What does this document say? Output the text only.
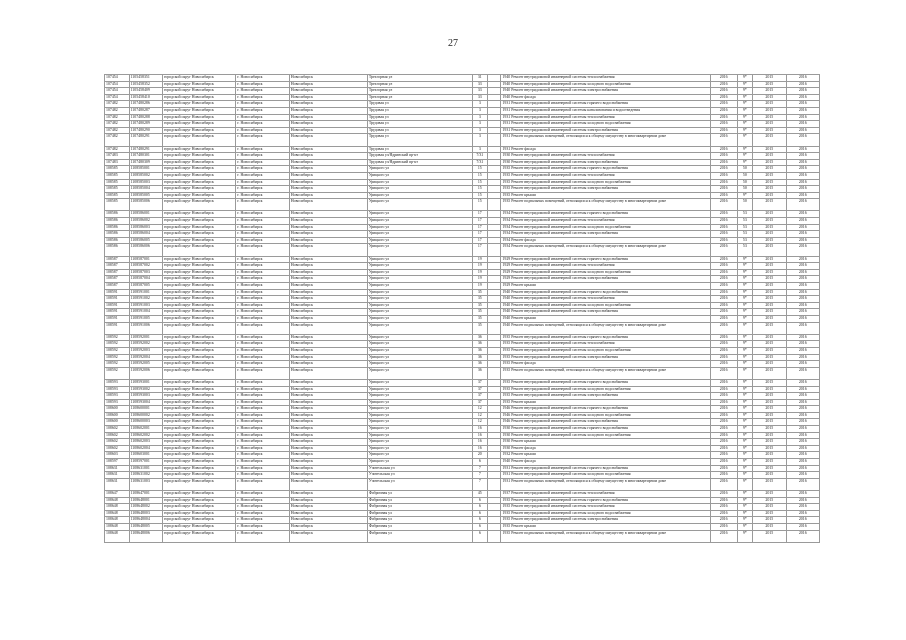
27
107454	1105458351	городской округ Новосибирск	г. Новосибирск	Новосибирск	Трехгорная ул	31		1940 Ремонт внутридомовой инженерной системы теплоснабжения	2016	9*	2015	2016
107454	1105458352	городской округ Новосибирск	г. Новосибирск	Новосибирск	Трехгорная ул	33		1940 Ремонт внутридомовой инженерной системы холодного водоснабжения	2016	9*	2015	2016
107454	1105458409	городской округ Новосибирск	г. Новосибирск	Новосибирск	Трехгорная ул	33		1940 Ремонт внутридомовой инженерной системы электроснабжения	2016	9*	2015	2016
107454	1105458410	городской округ Новосибирск	г. Новосибирск	Новосибирск	Трехгорная ул	33		1940 Ремонт фасада	2016	9*	2015	2016
107482	1107480286	городской округ Новосибирск	г. Новосибирск	Новосибирск	Трудовая ул	3		1931 Ремонт внутридомовой инженерной системы горячего водоснабжения	2016	9*	2015	2016
107482	1107480287	городской округ Новосибирск	г. Новосибирск	Новосибирск	Трудовая ул	3		1931 Ремонт внутридомовой инженерной системы канализования и водоотведения	2016	9*	2015	2016
107482	1107480288	городской округ Новосибирск	г. Новосибирск	Новосибирск	Трудовая ул	3		1931 Ремонт внутридомовой инженерной системы теплоснабжения	2016	9*	2015	2016
107482	1107480289	городской округ Новосибирск	г. Новосибирск	Новосибирск	Трудовая ул	3		1931 Ремонт внутридомовой инженерной системы холодного водоснабжения	2016	9*	2015	2016
107482	1107480290	городской округ Новосибирск	г. Новосибирск	Новосибирск	Трудовая ул	3		1931 Ремонт внутридомовой инженерной системы электроснабжения	2016	9*	2015	2016
107482	1107480291	городской округ Новосибирск	г. Новосибирск	Новосибирск	Трудовая ул	3		1931 Ремонт подвальных помещений, относящихся к общему имуществу в многоквартирном доме	2016	9*	2015	2016
107482	1107480291	городской округ Новосибирск	г. Новосибирск	Новосибирск	Трудовая ул	3		1931 Ремонт фасада	2016	9*	2015	2016
107483	1107480301	городской округ Новосибирск	г. Новосибирск	Новосибирск	Трудовая ул/Ядринский пр-кт	7/31		1930 Ремонт внутридомовой инженерной системы теплоснабжения	2016	9*	2015	2016
107483	1107480309	городской округ Новосибирск	г. Новосибирск	Новосибирск	Трудовая ул/Ядринский пр-кт	7/31		1930 Ремонт внутридомовой инженерной системы электроснабжения	2016	9*	2015	2016
108585	1108585001	городской округ Новосибирск	г. Новосибирск	Новосибирск	Урицкого ул	15		1935 Ремонт внутридомовой инженерной системы горячего водоснабжения	2016	50	2015	2016
108585	1108585002	городской округ Новосибирск	г. Новосибирск	Новосибирск	Урицкого ул	15		1935 Ремонт внутридомовой инженерной системы теплоснабжения	2016	50	2015	2016
108585	1108585003	городской округ Новосибирск	г. Новосибирск	Новосибирск	Урицкого ул	15		1935 Ремонт внутридомовой инженерной системы холодного водоснабжения	2016	50	2015	2016
108585	1108585004	городской округ Новосибирск	г. Новосибирск	Новосибирск	Урицкого ул	15		1935 Ремонт внутридомовой инженерной системы электроснабжения	2016	50	2015	2016
108585	1108585005	городской округ Новосибирск	г. Новосибирск	Новосибирск	Урицкого ул	15		1935 Ремонт крыши	2016	9*	2015	2016
108585	1108585006	городской округ Новосибирск	г. Новосибирск	Новосибирск	Урицкого ул	15		1935 Ремонт подвальных помещений, относящихся к общему имуществу в многоквартирном доме	2016	50	2015	2016
108586	1108586001	городской округ Новосибирск	г. Новосибирск	Новосибирск	Урицкого ул	17		1934 Ремонт внутридомовой инженерной системы горячего водоснабжения	2016	53	2015	2016
108586	1108586002	городской округ Новосибирск	г. Новосибирск	Новосибирск	Урицкого ул	17		1934 Ремонт внутридомовой инженерной системы теплоснабжения	2016	53	2015	2016
108586	1108586003	городской округ Новосибирск	г. Новосибирск	Новосибирск	Урицкого ул	17		1934 Ремонт внутридомовой инженерной системы холодного водоснабжения	2016	53	2015	2016
108586	1108586004	городской округ Новосибирск	г. Новосибирск	Новосибирск	Урицкого ул	17		1934 Ремонт внутридомовой инженерной системы электроснабжения	2016	53	2015	2016
108586	1108586005	городской округ Новосибирск	г. Новосибирск	Новосибирск	Урицкого ул	17		1934 Ремонт фасада	2016	53	2015	2016
108586	1108586006	городской округ Новосибирск	г. Новосибирск	Новосибирск	Урицкого ул	17		1934 Ремонт подвальных помещений, относящихся к общему имуществу в многоквартирном доме	2016	53	2015	2016
108587	1108587001	городской округ Новосибирск	г. Новосибирск	Новосибирск	Урицкого ул	19		1929 Ремонт внутридомовой инженерной системы горячего водоснабжения	2016	9*	2015	2016
108587	1108587002	городской округ Новосибирск	г. Новосибирск	Новосибирск	Урицкого ул	19		1929 Ремонт внутридомовой инженерной системы теплоснабжения	2016	9*	2015	2016
108587	1108587003	городской округ Новосибирск	г. Новосибирск	Новосибирск	Урицкого ул	19		1929 Ремонт внутридомовой инженерной системы холодного водоснабжения	2016	9*	2015	2016
108587	1108587004	городской округ Новосибирск	г. Новосибирск	Новосибирск	Урицкого ул	19		1929 Ремонт внутридомовой инженерной системы электроснабжения	2016	9*	2015	2016
108587	1108587005	городской округ Новосибирск	г. Новосибирск	Новосибирск	Урицкого ул	19		1929 Ремонт крыши	2016	9*	2015	2016
108591	1108591001	городской округ Новосибирск	г. Новосибирск	Новосибирск	Урицкого ул	35		1940 Ремонт внутридомовой инженерной системы горячего водоснабжения	2016	9*	2015	2016
108591	1108591002	городской округ Новосибирск	г. Новосибирск	Новосибирск	Урицкого ул	35		1940 Ремонт внутридомовой инженерной системы теплоснабжения	2016	9*	2015	2016
108591	1108591003	городской округ Новосибирск	г. Новосибирск	Новосибирск	Урицкого ул	35		1940 Ремонт внутридомовой инженерной системы холодного водоснабжения	2016	9*	2015	2016
108591	1108591004	городской округ Новосибирск	г. Новосибирск	Новосибирск	Урицкого ул	35		1940 Ремонт внутридомовой инженерной системы электроснабжения	2016	9*	2015	2016
108591	1108591005	городской округ Новосибирск	г. Новосибирск	Новосибирск	Урицкого ул	35		1940 Ремонт крыши	2016	9*	2015	2016
108591	1108591006	городской округ Новосибирск	г. Новосибирск	Новосибирск	Урицкого ул	35		1940 Ремонт подвальных помещений, относящихся к общему имуществу в многоквартирном доме	2016	9*	2015	2016
108592	1108592001	городской округ Новосибирск	г. Новосибирск	Новосибирск	Урицкого ул	36		1935 Ремонт внутридомовой инженерной системы горячего водоснабжения	2016	9*	2015	2016
108592	1108592002	городской округ Новосибирск	г. Новосибирск	Новосибирск	Урицкого ул	36		1935 Ремонт внутридомовой инженерной системы теплоснабжения	2016	9*	2015	2016
108592	1108592003	городской округ Новосибирск	г. Новосибирск	Новосибирск	Урицкого ул	36		1935 Ремонт внутридомовой инженерной системы холодного водоснабжения	2016	9*	2015	2016
108592	1108592004	городской округ Новосибирск	г. Новосибирск	Новосибирск	Урицкого ул	36		1935 Ремонт внутридомовой инженерной системы электроснабжения	2016	9*	2015	2016
108592	1108592005	городской округ Новосибирск	г. Новосибирск	Новосибирск	Урицкого ул	36		1935 Ремонт фасада	2016	9*	2015	2016
108592	1108592006	городской округ Новосибирск	г. Новосибирск	Новосибирск	Урицкого ул	36		1935 Ремонт подвальных помещений, относящихся к общему имуществу в многоквартирном доме	2016	9*	2015	2016
108593	1108593001	городской округ Новосибирск	г. Новосибирск	Новосибирск	Урицкого ул	37		1935 Ремонт внутридомовой инженерной системы горячего водоснабжения	2016	9*	2015	2016
108593	1108593002	городской округ Новосибирск	г. Новосибирск	Новосибирск	Урицкого ул	37		1935 Ремонт внутридомовой инженерной системы холодного водоснабжения	2016	9*	2015	2016
108593	1108593003	городской округ Новосибирск	г. Новосибирск	Новосибирск	Урицкого ул	37		1935 Ремонт внутридомовой инженерной системы электроснабжения	2016	9*	2015	2016
108593	1108593004	городской округ Новосибирск	г. Новосибирск	Новосибирск	Урицкого ул	37		1935 Ремонт крыши	2016	9*	2015	2016
108600	1108600001	городской округ Новосибирск	г. Новосибирск	Новосибирск	Урицкого ул	12		1946 Ремонт внутридомовой инженерной системы горячего водоснабжения	2016	9*	2015	2016
108600	1108600002	городской округ Новосибирск	г. Новосибирск	Новосибирск	Урицкого ул	12		1946 Ремонт внутридомовой инженерной системы холодного водоснабжения	2016	9*	2015	2016
108600	1108600003	городской округ Новосибирск	г. Новосибирск	Новосибирск	Урицкого ул	12		1946 Ремонт внутридомовой инженерной системы электроснабжения	2016	9*	2015	2016
108602	1108602001	городской округ Новосибирск	г. Новосибирск	Новосибирск	Урицкого ул	16		1930 Ремонт внутридомовой инженерной системы горячего водоснабжения	2016	9*	2015	2016
108602	1108602002	городской округ Новосибирск	г. Новосибирск	Новосибирск	Урицкого ул	16		1930 Ремонт внутридомовой инженерной системы холодного водоснабжения	2016	9*	2015	2016
108602	1108602003	городской округ Новосибирск	г. Новосибирск	Новосибирск	Урицкого ул	16		1930 Ремонт крыши	2016	9*	2015	2016
108602	1108602004	городской округ Новосибирск	г. Новосибирск	Новосибирск	Урицкого ул	16		1930 Ремонт фасада	2016	9*	2015	2016
108603	1108603001	городской округ Новосибирск	г. Новосибирск	Новосибирск	Урицкого ул	20		1932 Ремонт крыши	2016	9*	2015	2016
108597	1108597001	городской округ Новосибирск	г. Новосибирск	Новосибирск	Урицкого ул	6		1940 Ремонт фасада	2016	9*	2015	2016
108631	1108631001	городской округ Новосибирск	г. Новосибирск	Новосибирск	Учительская ул	7		1931 Ремонт внутридомовой инженерной системы горячего водоснабжения	2016	9*	2015	2016
108631	1108631002	городской округ Новосибирск	г. Новосибирск	Новосибирск	Учительская ул	7		1931 Ремонт внутридомовой инженерной системы холодного водоснабжения	2016	9*	2015	2016
108631	1108631003	городской округ Новосибирск	г. Новосибирск	Новосибирск	Учительская ул	7		1931 Ремонт подвальных помещений, относящихся к общему имуществу в многоквартирном доме	2016	9*	2015	2016
108647	1108647001	городской округ Новосибирск	г. Новосибирск	Новосибирск	Фабричная ул	45		1937 Ремонт внутридомовой инженерной системы теплоснабжения	2016	9*	2015	2016
108648	1108648001	городской округ Новосибирск	г. Новосибирск	Новосибирск	Фабричная ул	6		1935 Ремонт внутридомовой инженерной системы горячего водоснабжения	2016	9*	2015	2016
108648	1108648002	городской округ Новосибирск	г. Новосибирск	Новосибирск	Фабричная ул	6		1935 Ремонт внутридомовой инженерной системы теплоснабжения	2016	9*	2015	2016
108648	1108648003	городской округ Новосибирск	г. Новосибирск	Новосибирск	Фабричная ул	6		1935 Ремонт внутридомовой инженерной системы холодного водоснабжения	2016	9*	2015	2016
108648	1108648004	городской округ Новосибирск	г. Новосибирск	Новосибирск	Фабричная ул	6		1935 Ремонт внутридомовой инженерной системы электроснабжения	2016	9*	2015	2016
108648	1108648005	городской округ Новосибирск	г. Новосибирск	Новосибирск	Фабричная ул	6		1935 Ремонт крыши	2016	9*	2015	2016
108648	1108648006	городской округ Новосибирск	г. Новосибирск	Новосибирск	Фабричная ул	6		1935 Ремонт подвальных помещений, относящихся к общему имуществу в многоквартирном доме	2016	9*	2015	2016
